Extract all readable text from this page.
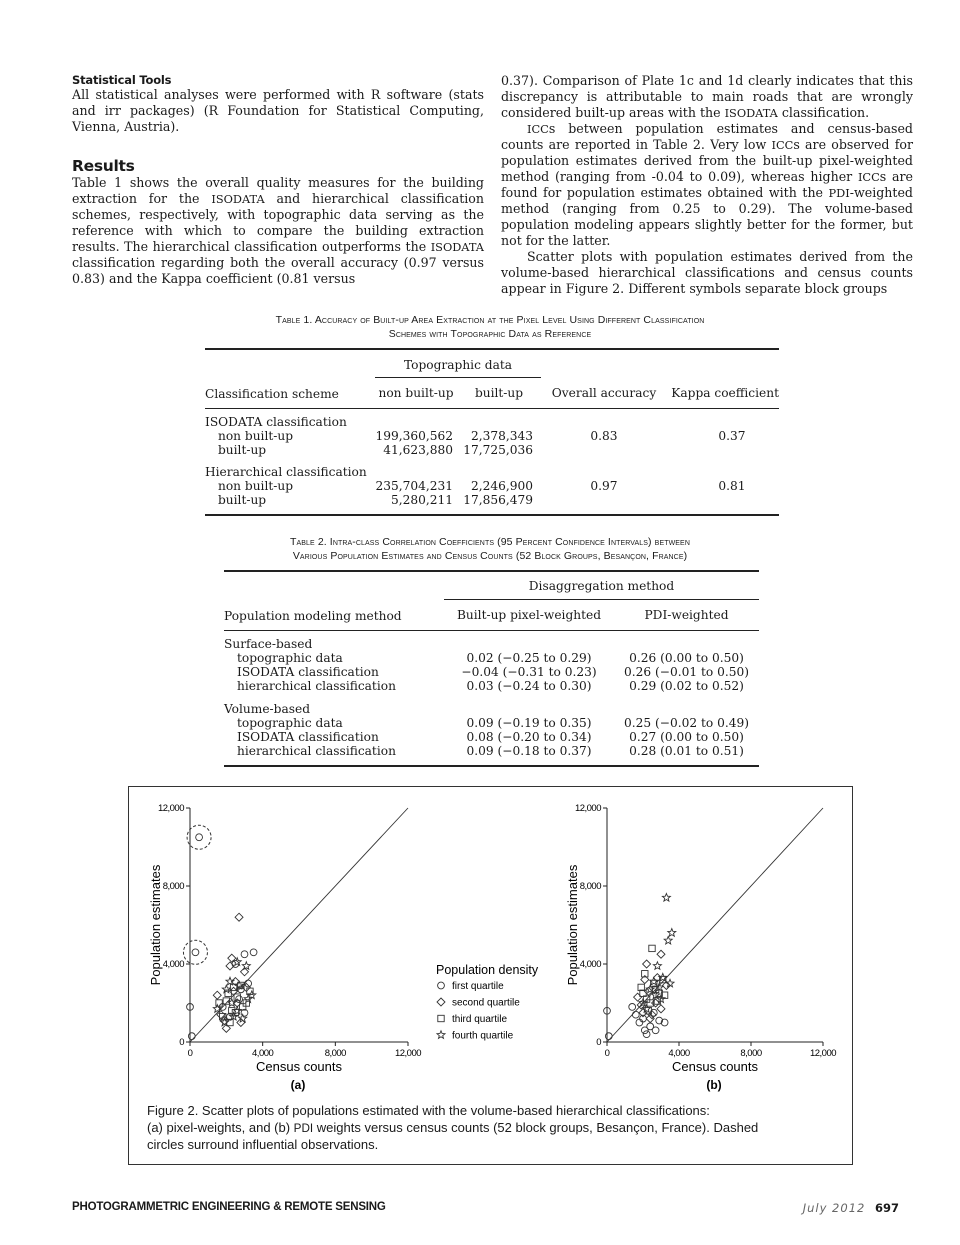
Statistical Tools

All statistical analyses were performed with R software (stats and irr packages) (R Foundation for Statistical Computing, Vienna, Austria).

Results

Table 1 shows the overall quality measures for the building extraction for the ISODATA and hierarchical classification schemes, respectively, with topographic data serving as the reference with which to compare the building extraction results. The hierarchical classification outperforms the ISODATA classification regarding both the overall accuracy (0.97 versus 0.83) and the Kappa coefficient (0.81 versus

0.37). Comparison of Plate 1c and 1d clearly indicates that this discrepancy is attributable to main roads that are wrongly considered built-up areas with the ISODATA classification.

ICCs between population estimates and census-based counts are reported in Table 2. Very low ICCs are observed for population estimates derived from the built-up pixel-weighted method (ranging from -0.04 to 0.09), whereas higher ICCs are found for population estimates obtained with the PDI-weighted method (ranging from 0.25 to 0.29). The volume-based population modeling appears slightly better for the former, but not for the latter.

Scatter plots with population estimates derived from the volume-based hierarchical classifications and census counts appear in Figure 2. Different symbols separate block groups

Table 1. Accuracy of Built-up Area Extraction at the Pixel Level Using Different Classification
Schemes with Topographic Data as Reference

	Topographic data			
Classification scheme	non built-up	built-up	Overall accuracy	Kappa coefficient
ISODATA classification				
non built-up	199,360,562	2,378,343	0.83	0.37
built-up	41,623,880	17,725,036		
Hierarchical classification				
non built-up	235,704,231	2,246,900	0.97	0.81
built-up	5,280,211	17,856,479		
Table 2. Intra-class Correlation Coefficients (95 Percent Confidence Intervals) between
Various Population Estimates and Census Counts (52 Block Groups, Besançon, France)

	Disaggregation method	
Population modeling method	Built-up pixel-weighted	PDI-weighted
Surface-based		
topographic data	0.02 (−0.25 to 0.29)	0.26 (0.00 to 0.50)
ISODATA classification	−0.04 (−0.31 to 0.23)	0.26 (−0.01 to 0.50)
hierarchical classification	0.03 (−0.24 to 0.30)	0.29 (0.02 to 0.52)
Volume-based		
topographic data	0.09 (−0.19 to 0.35)	0.25 (−0.02 to 0.49)
ISODATA classification	0.08 (−0.20 to 0.34)	0.27 (0.00 to 0.50)
hierarchical classification	0.09 (−0.18 to 0.37)	0.28 (0.01 to 0.51)
0
0
4,000
4,000
8,000
8,000
12,000
12,000
Census counts
Population estimates
(a)
0
0
4,000
4,000
8,000
8,000
12,000
12,000
Census counts
Population estimates
(b)
Population density
first quartile
second quartile
third quartile
fourth quartile
Figure 2. Scatter plots of populations estimated with the volume-based hierarchical classifications:
(a) pixel-weights, and (b) PDI weights versus census counts (52 block groups, Besançon, France). Dashed
circles surround influential observations.
PHOTOGRAMMETRIC ENGINEERING & REMOTE SENSING	July 2012 697
